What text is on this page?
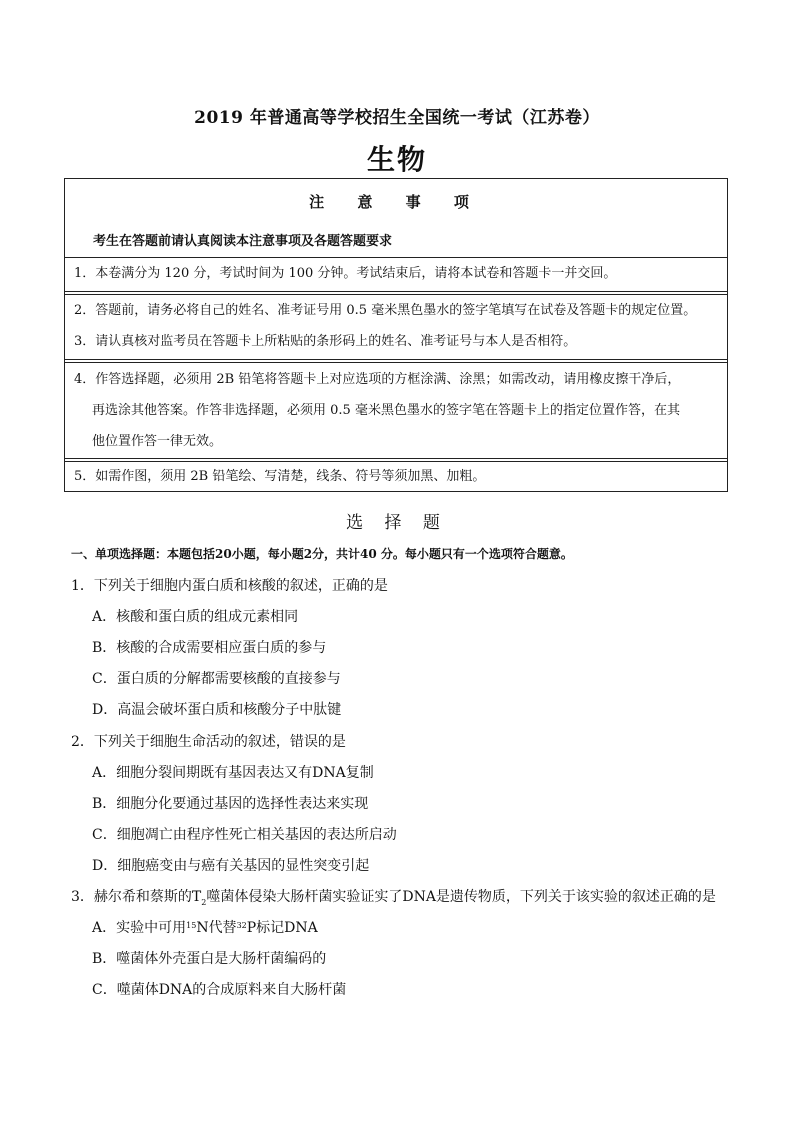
2019 年普通高等学校招生全国统一考试（江苏卷）
生物
注 意 事 项
考生在答题前请认真阅读本注意事项及各题答题要求
1．本卷满分为 120 分，考试时间为 100 分钟。考试结束后，请将本试卷和答题卡一并交回。
2．答题前，请务必将自己的姓名、准考证号用 0.5 毫米黑色墨水的签字笔填写在试卷及答题卡的规定位置。
3．请认真核对监考员在答题卡上所粘贴的条形码上的姓名、准考证号与本人是否相符。
4．作答选择题，必须用 2B 铅笔将答题卡上对应选项的方框涂满、涂黑；如需改动，请用橡皮擦干净后，
再选涂其他答案。作答非选择题，必须用 0.5 毫米黑色墨水的签字笔在答题卡上的指定位置作答，在其
他位置作答一律无效。
5．如需作图，须用 2B 铅笔绘、写清楚，线条、符号等须加黑、加粗。
选 择 题
一、单项选择题：本题包括20小题，每小题2分，共计40 分。每小题只有一个选项符合题意。
1．下列关于细胞内蛋白质和核酸的叙述，正确的是
A．核酸和蛋白质的组成元素相同
B．核酸的合成需要相应蛋白质的参与
C．蛋白质的分解都需要核酸的直接参与
D．高温会破坏蛋白质和核酸分子中肽键
2．下列关于细胞生命活动的叙述，错误的是
A．细胞分裂间期既有基因表达又有DNA复制
B．细胞分化要通过基因的选择性表达来实现
C．细胞凋亡由程序性死亡相关基因的表达所启动
D．细胞癌变由与癌有关基因的显性突变引起
3．赫尔希和蔡斯的$T_2$噬菌体侵染大肠杆菌实验证实了DNA是遗传物质，下列关于该实验的叙述正确的是
A．实验中可用$^{15}$N代替$^{32}$P标记DNA
B．噬菌体外壳蛋白是大肠杆菌编码的
C．噬菌体DNA的合成原料来自大肠杆菌
